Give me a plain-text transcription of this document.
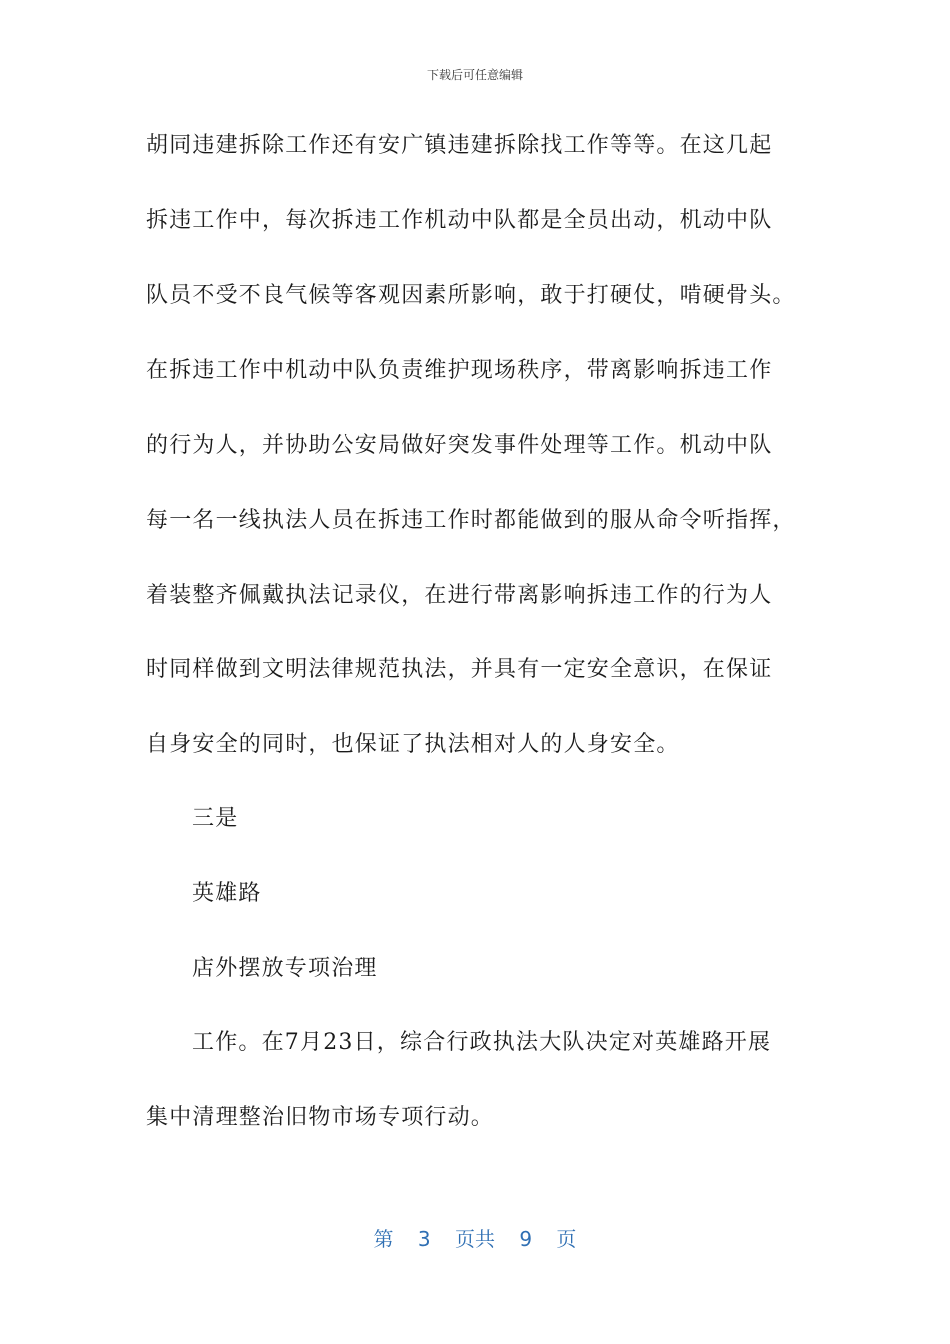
下载后可任意编辑
胡同违建拆除工作还有安广镇违建拆除找工作等等。在这几起
拆违工作中，每次拆违工作机动中队都是全员出动，机动中队
队员不受不良气候等客观因素所影响，敢于打硬仗，啃硬骨头。
在拆违工作中机动中队负责维护现场秩序，带离影响拆违工作
的行为人，并协助公安局做好突发事件处理等工作。机动中队
每一名一线执法人员在拆违工作时都能做到的服从命令听指挥，
着装整齐佩戴执法记录仪，在进行带离影响拆违工作的行为人
时同样做到文明法律规范执法，并具有一定安全意识，在保证
自身安全的同时，也保证了执法相对人的人身安全。
三是
英雄路
店外摆放专项治理
工作。在7月23日，综合行政执法大队决定对英雄路开展
集中清理整治旧物市场专项行动。
第 3 页共 9 页
